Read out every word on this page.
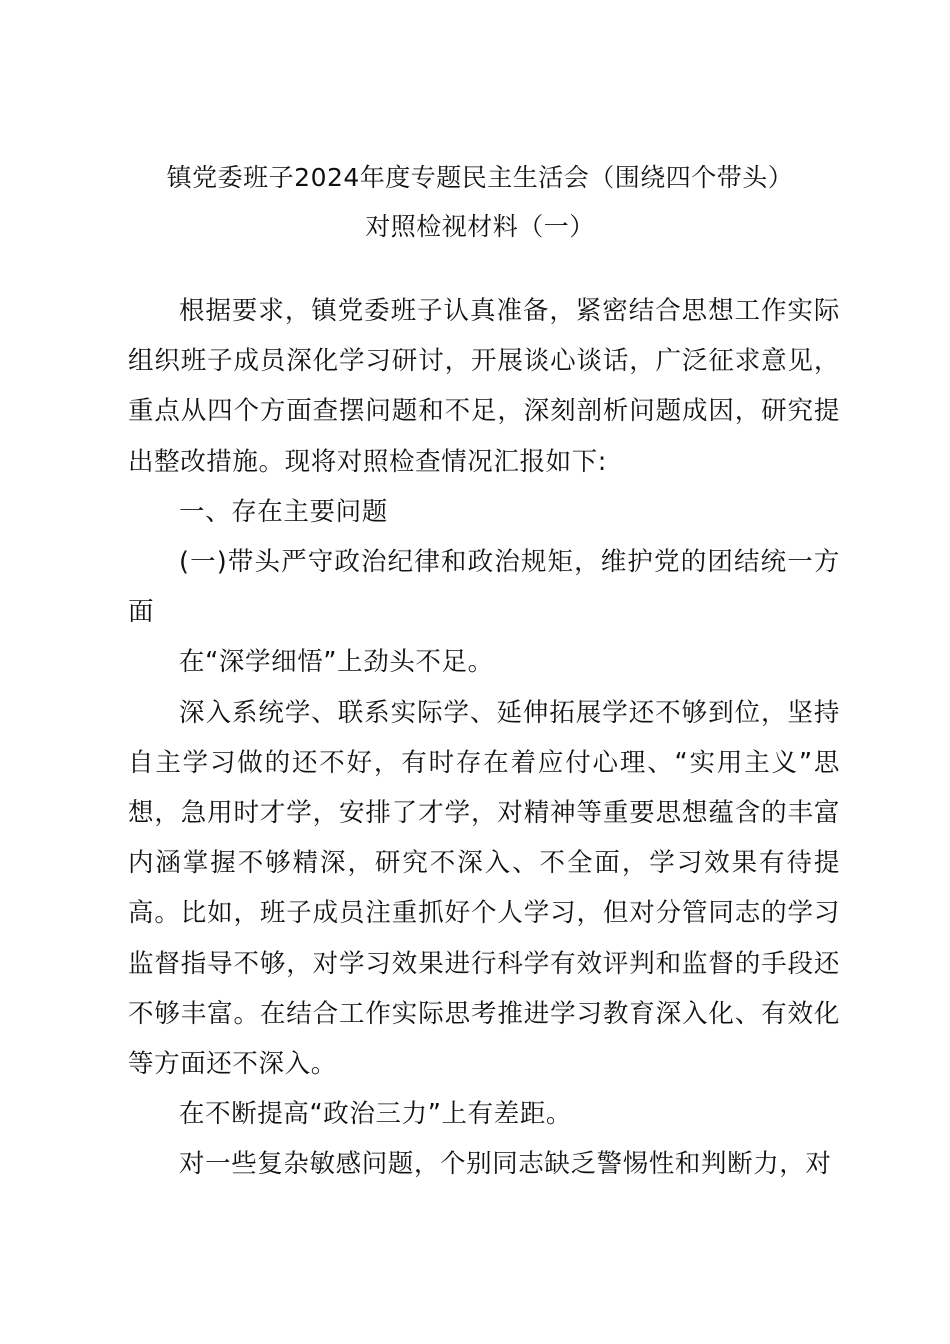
镇党委班子2024年度专题民主生活会（围绕四个带头）
对照检视材料（一）

根据要求，镇党委班子认真准备，紧密结合思想工作实际组织班子成员深化学习研讨，开展谈心谈话，广泛征求意见，重点从四个方面查摆问题和不足，深刻剖析问题成因，研究提出整改措施。现将对照检查情况汇报如下:

一、存在主要问题

(一)带头严守政治纪律和政治规矩，维护党的团结统一方面

在“深学细悟”上劲头不足。

深入系统学、联系实际学、延伸拓展学还不够到位，坚持自主学习做的还不好，有时存在着应付心理、“实用主义”思想，急用时才学，安排了才学，对精神等重要思想蕴含的丰富内涵掌握不够精深，研究不深入、不全面，学习效果有待提高。比如，班子成员注重抓好个人学习，但对分管同志的学习监督指导不够，对学习效果进行科学有效评判和监督的手段还不够丰富。在结合工作实际思考推进学习教育深入化、有效化等方面还不深入。

在不断提高“政治三力”上有差距。

对一些复杂敏感问题，个别同志缺乏警惕性和判断力，对
